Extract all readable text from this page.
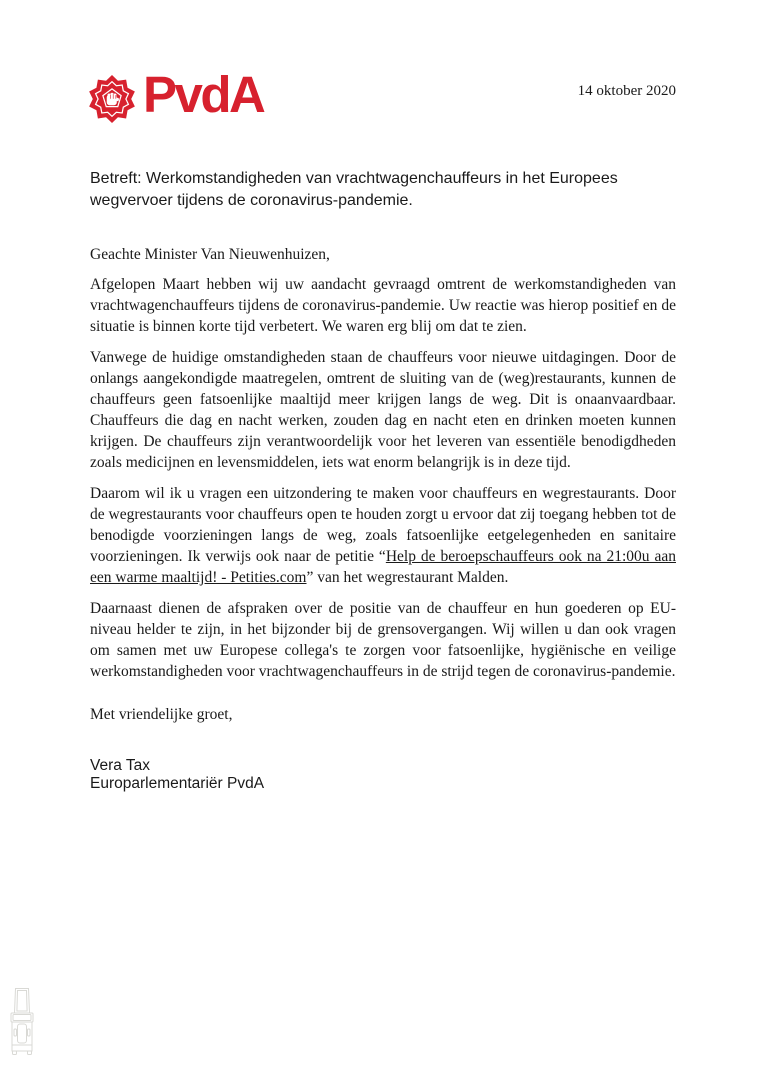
PvdA	14 oktober 2020
Betreft: Werkomstandigheden van vrachtwagenchauffeurs in het Europees wegvervoer tijdens de coronavirus-pandemie.
Geachte Minister Van Nieuwenhuizen,

Afgelopen Maart hebben wij uw aandacht gevraagd omtrent de werkomstandigheden van vrachtwagenchauffeurs tijdens de coronavirus-pandemie. Uw reactie was hierop positief en de situatie is binnen korte tijd verbetert. We waren erg blij om dat te zien.

Vanwege de huidige omstandigheden staan de chauffeurs voor nieuwe uitdagingen. Door de onlangs aangekondigde maatregelen, omtrent de sluiting van de (weg)restaurants, kunnen de chauffeurs geen fatsoenlijke maaltijd meer krijgen langs de weg. Dit is onaanvaardbaar. Chauffeurs die dag en nacht werken, zouden dag en nacht eten en drinken moeten kunnen krijgen. De chauffeurs zijn verantwoordelijk voor het leveren van essentiële benodigdheden zoals medicijnen en levensmiddelen, iets wat enorm belangrijk is in deze tijd.

Daarom wil ik u vragen een uitzondering te maken voor chauffeurs en wegrestaurants. Door de wegrestaurants voor chauffeurs open te houden zorgt u ervoor dat zij toegang hebben tot de benodigde voorzieningen langs de weg, zoals fatsoenlijke eetgelegenheden en sanitaire voorzieningen. Ik verwijs ook naar de petitie “Help de beroepschauffeurs ook na 21:00u aan een warme maaltijd! - Petities.com” van het wegrestaurant Malden.

Daarnaast dienen de afspraken over de positie van de chauffeur en hun goederen op EU-niveau helder te zijn, in het bijzonder bij de grensovergangen. Wij willen u dan ook vragen om samen met uw Europese collega's te zorgen voor fatsoenlijke, hygiënische en veilige werkomstandigheden voor vrachtwagenchauffeurs in de strijd tegen de coronavirus-pandemie.

Met vriendelijke groet,
Vera Tax
Europarlementariër PvdA
